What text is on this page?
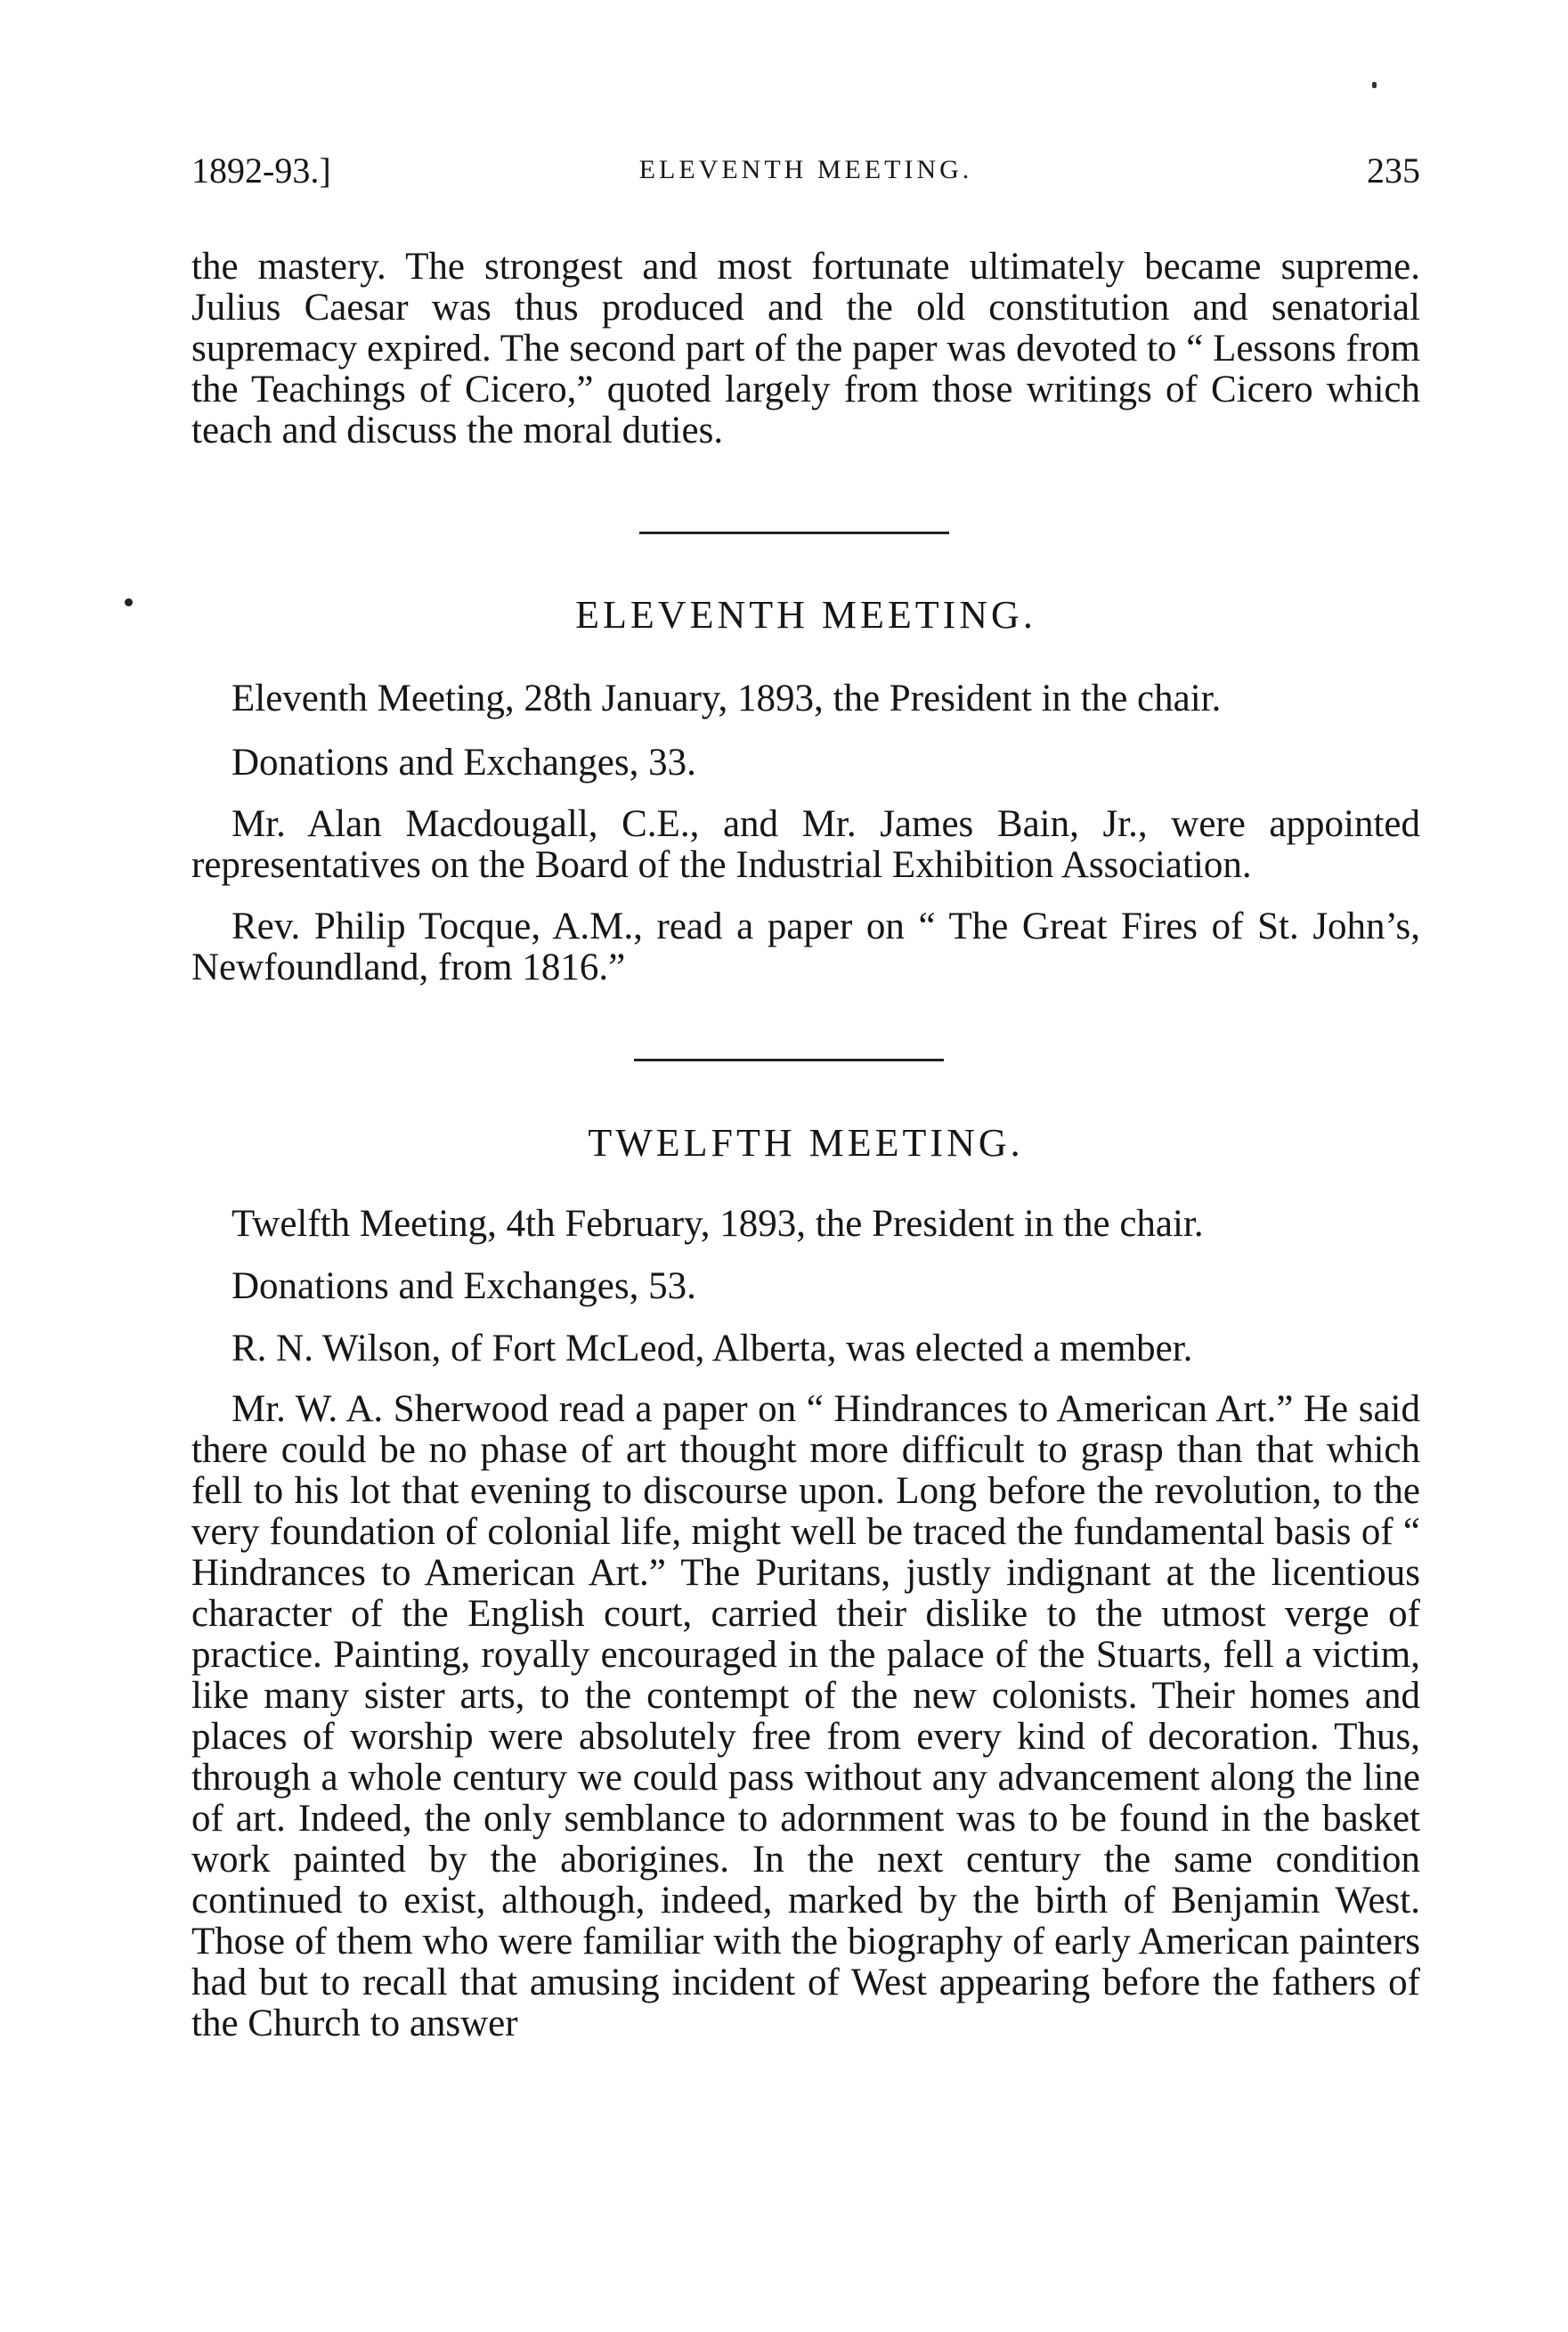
1892-93.]	ELEVENTH MEETING.	235

the mastery. The strongest and most fortunate ultimately became supreme. Julius Caesar was thus produced and the old constitution and senatorial supremacy expired. The second part of the paper was devoted to “ Lessons from the Teachings of Cicero,” quoted largely from those writings of Cicero which teach and discuss the moral duties.

ELEVENTH MEETING.
Eleventh Meeting, 28th January, 1893, the President in the chair.
Donations and Exchanges, 33.

Mr. Alan Macdougall, C.E., and Mr. James Bain, Jr., were appointed representatives on the Board of the Industrial Exhibition Association.

Rev. Philip Tocque, A.M., read a paper on “ The Great Fires of St. John’s, Newfoundland, from 1816.”

TWELFTH MEETING.
Twelfth Meeting, 4th February, 1893, the President in the chair.
Donations and Exchanges, 53.
R. N. Wilson, of Fort McLeod, Alberta, was elected a member.

Mr. W. A. Sherwood read a paper on “ Hindrances to American Art.” He said there could be no phase of art thought more difficult to grasp than that which fell to his lot that evening to discourse upon. Long before the revolution, to the very foundation of colonial life, might well be traced the fundamental basis of “ Hindrances to American Art.” The Puritans, justly indignant at the licentious character of the English court, carried their dislike to the utmost verge of practice. Painting, royally encouraged in the palace of the Stuarts, fell a victim, like many sister arts, to the contempt of the new colonists. Their homes and places of worship were absolutely free from every kind of decoration. Thus, through a whole century we could pass without any advancement along the line of art. Indeed, the only semblance to adornment was to be found in the basket work painted by the aborigines. In the next century the same condition continued to exist, although, indeed, marked by the birth of Benjamin West. Those of them who were familiar with the biography of early American painters had but to recall that amusing incident of West appearing before the fathers of the Church to answer
